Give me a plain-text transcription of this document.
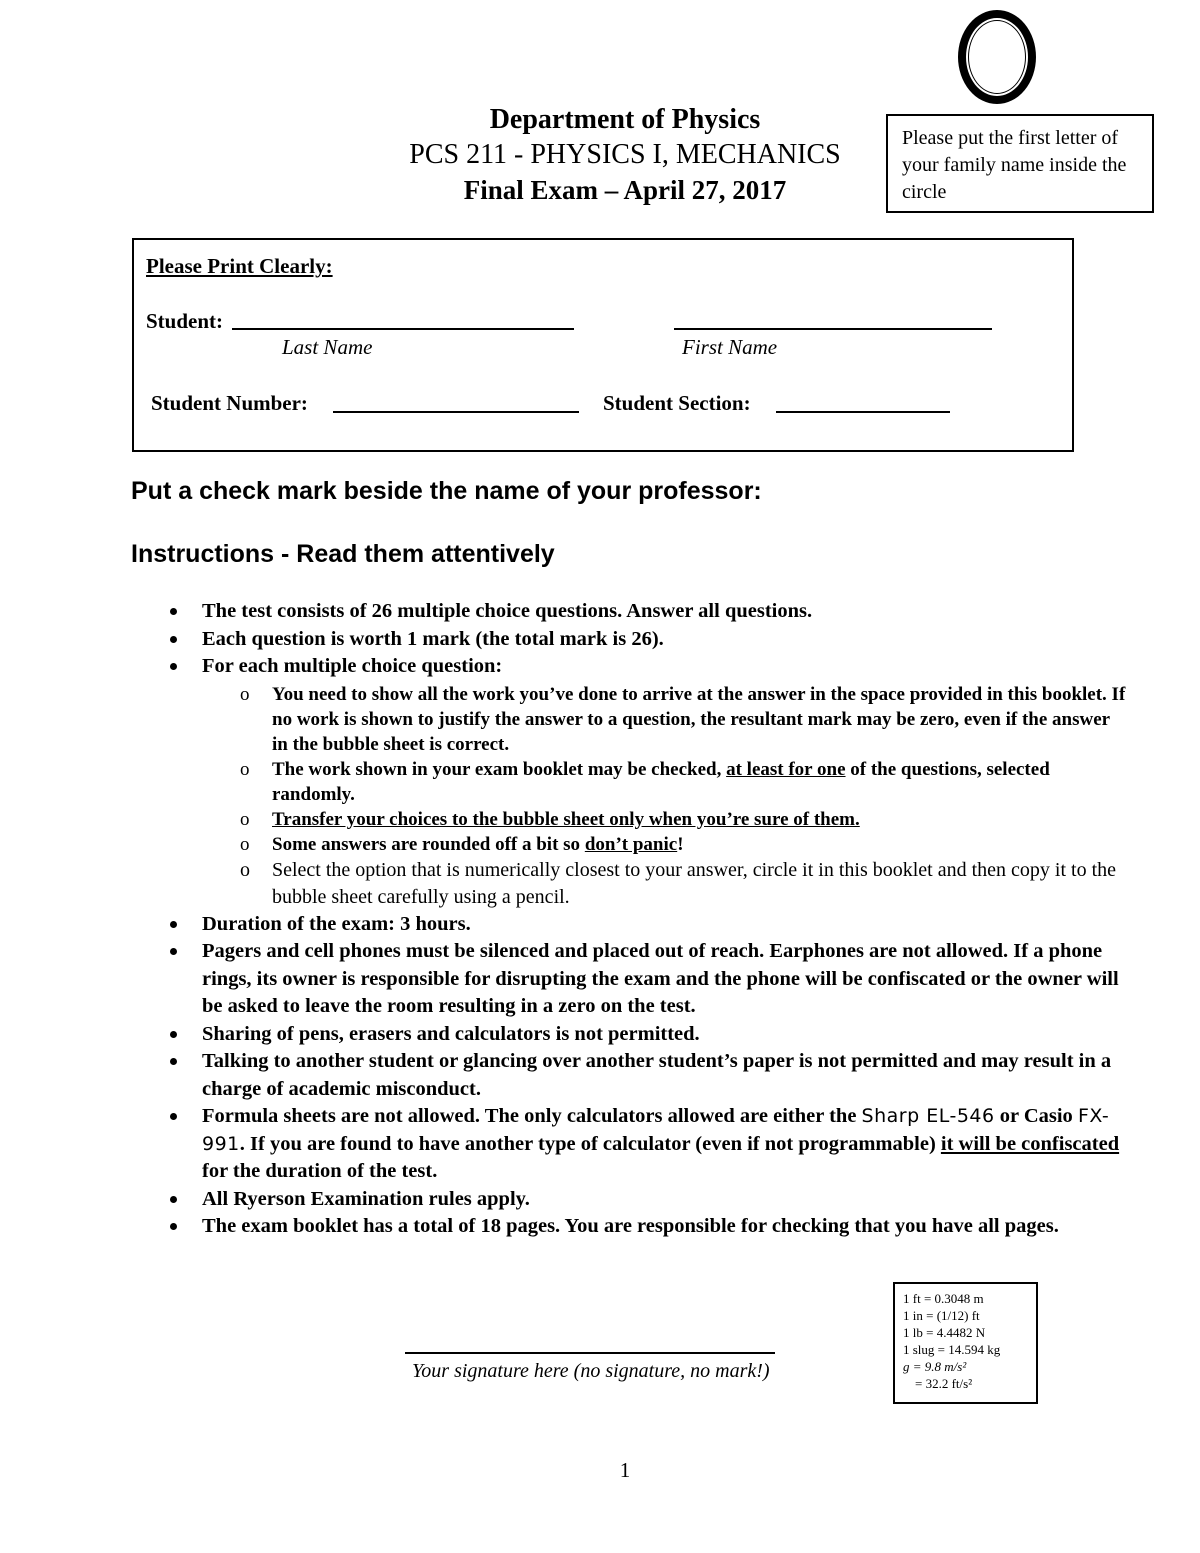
Department of Physics
PCS 211 - PHYSICS I, MECHANICS
Final Exam – April 27, 2017
Please put the first letter of your family name inside the circle
Please Print Clearly:
Student:
Last Name	First Name
Student Number:	Student Section:
Put a check mark beside the name of your professor:
Instructions - Read them attentively
The test consists of 26 multiple choice questions. Answer all questions.
Each question is worth 1 mark (the total mark is 26).
For each multiple choice question:
o You need to show all the work you’ve done to arrive at the answer in the space provided in this booklet. If no work is shown to justify the answer to a question, the resultant mark may be zero, even if the answer in the bubble sheet is correct.
o The work shown in your exam booklet may be checked, at least for one of the questions, selected randomly.
o Transfer your choices to the bubble sheet only when you’re sure of them.
o Some answers are rounded off a bit so don’t panic!
o Select the option that is numerically closest to your answer, circle it in this booklet and then copy it to the bubble sheet carefully using a pencil.
Duration of the exam: 3 hours.
Pagers and cell phones must be silenced and placed out of reach. Earphones are not allowed. If a phone rings, its owner is responsible for disrupting the exam and the phone will be confiscated or the owner will be asked to leave the room resulting in a zero on the test.
Sharing of pens, erasers and calculators is not permitted.
Talking to another student or glancing over another student’s paper is not permitted and may result in a charge of academic misconduct.
Formula sheets are not allowed. The only calculators allowed are either the Sharp EL-546 or Casio FX-991. If you are found to have another type of calculator (even if not programmable) it will be confiscated for the duration of the test.
All Ryerson Examination rules apply.
The exam booklet has a total of 18 pages. You are responsible for checking that you have all pages.
1 ft = 0.3048 m
1 in = (1/12) ft
1 lb = 4.4482 N
1 slug = 14.594 kg
g = 9.8 m/s²
= 32.2 ft/s²
Your signature here (no signature, no mark!)
1
